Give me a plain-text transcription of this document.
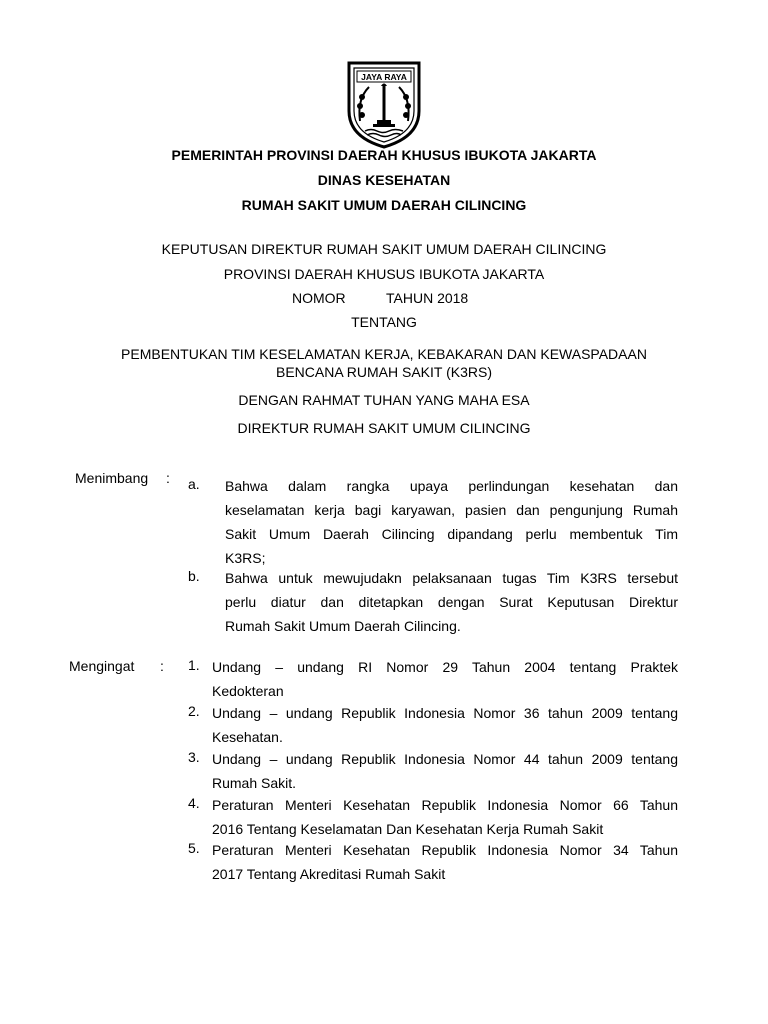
JAYA RAYA
PEMERINTAH PROVINSI DAERAH KHUSUS IBUKOTA JAKARTA
DINAS KESEHATAN
RUMAH SAKIT UMUM DAERAH CILINCING
KEPUTUSAN DIREKTUR RUMAH SAKIT UMUM DAERAH CILINCING
PROVINSI DAERAH KHUSUS IBUKOTA JAKARTA
NOMOR	TAHUN 2018
TENTANG
PEMBENTUKAN TIM KESELAMATAN KERJA, KEBAKARAN DAN KEWASPADAAN
BENCANA RUMAH SAKIT (K3RS)
DENGAN RAHMAT TUHAN YANG MAHA ESA
DIREKTUR RUMAH SAKIT UMUM CILINCING
Menimbang : a. Bahwa dalam rangka upaya perlindungan kesehatan dan
keselamatan kerja bagi karyawan, pasien dan pengunjung Rumah
Sakit Umum Daerah Cilincing dipandang perlu membentuk Tim
K3RS;
b. Bahwa untuk mewujudakn pelaksanaan tugas Tim K3RS tersebut
perlu diatur dan ditetapkan dengan Surat Keputusan Direktur
Rumah Sakit Umum Daerah Cilincing.
Mengingat : 1. Undang – undang RI Nomor 29 Tahun 2004 tentang Praktek
Kedokteran
2. Undang – undang Republik Indonesia Nomor 36 tahun 2009 tentang
Kesehatan.
3. Undang – undang Republik Indonesia Nomor 44 tahun 2009 tentang
Rumah Sakit.
4. Peraturan Menteri Kesehatan Republik Indonesia Nomor 66 Tahun
2016 Tentang Keselamatan Dan Kesehatan Kerja Rumah Sakit
5. Peraturan Menteri Kesehatan Republik Indonesia Nomor 34 Tahun
2017 Tentang Akreditasi Rumah Sakit
